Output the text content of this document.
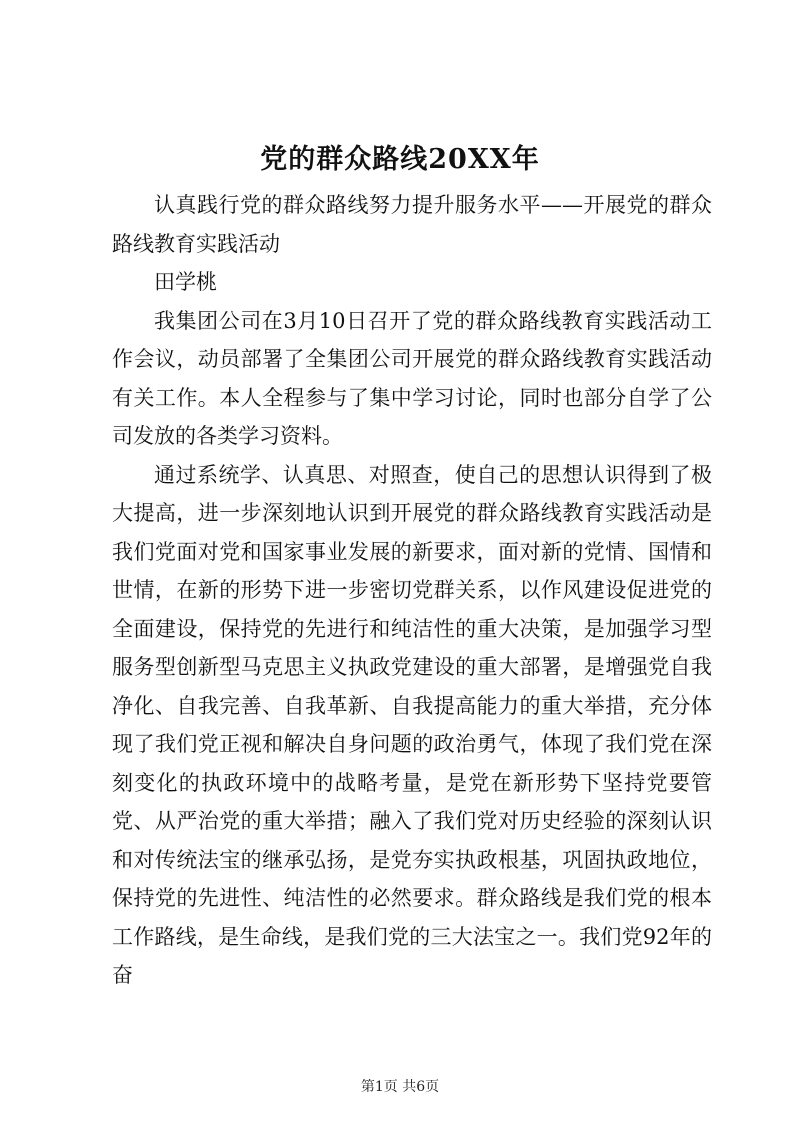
党的群众路线20XX年

认真践行党的群众路线努力提升服务水平——开展党的群众路线教育实践活动

田学桃

我集团公司在3月10日召开了党的群众路线教育实践活动工作会议，动员部署了全集团公司开展党的群众路线教育实践活动有关工作。本人全程参与了集中学习讨论，同时也部分自学了公司发放的各类学习资料。

通过系统学、认真思、对照查，使自己的思想认识得到了极大提高，进一步深刻地认识到开展党的群众路线教育实践活动是我们党面对党和国家事业发展的新要求，面对新的党情、国情和世情，在新的形势下进一步密切党群关系，以作风建设促进党的全面建设，保持党的先进行和纯洁性的重大决策，是加强学习型服务型创新型马克思主义执政党建设的重大部署，是增强党自我净化、自我完善、自我革新、自我提高能力的重大举措，充分体现了我们党正视和解决自身问题的政治勇气，体现了我们党在深刻变化的执政环境中的战略考量，是党在新形势下坚持党要管党、从严治党的重大举措；融入了我们党对历史经验的深刻认识和对传统法宝的继承弘扬，是党夯实执政根基，巩固执政地位，保持党的先进性、纯洁性的必然要求。群众路线是我们党的根本工作路线，是生命线，是我们党的三大法宝之一。我们党92年的奋

第1页 共6页
